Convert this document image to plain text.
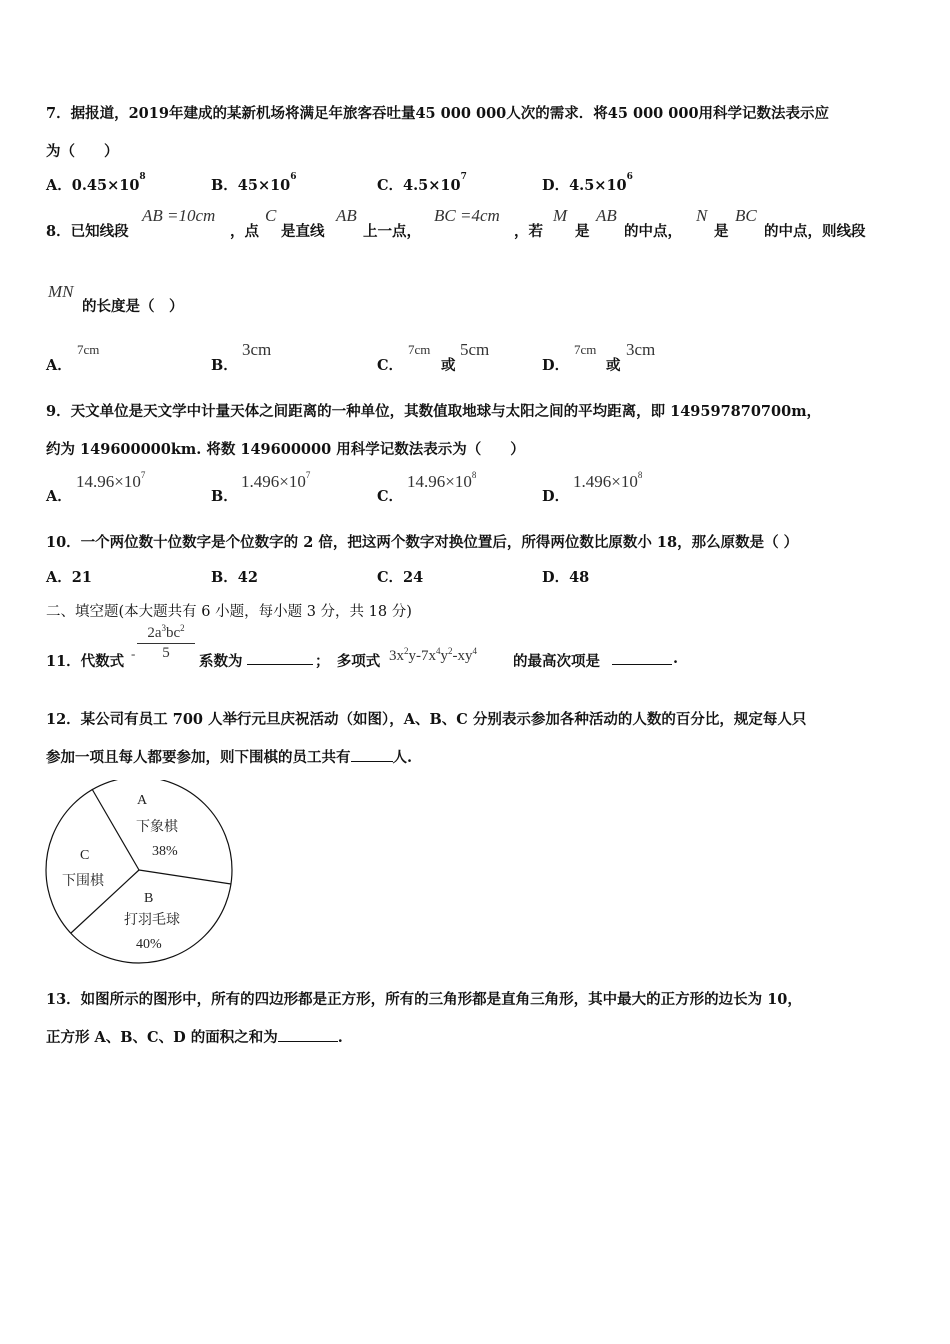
7．据报道，2019年建成的某新机场将满足年旅客吞吐量45 000 000人次的需求．将45 000 000用科学记数法表示应
为（　　）
A．$0.45\times 10^8$	B．$45\times 10^6$	C．$4.5\times 10^7$	D．$4.5\times 10^6$
8．已知线段
AB =10cm
，点
C
是直线
AB
上一点，
BC =4cm
，若
M
是
AB
的中点，
N
是
BC
的中点，则线段
MN
的长度是（　）
A．
7cm
B．
3cm
C．
7cm
或
5cm
D．
7cm
或
3cm
9．天文单位是天文学中计量天体之间距离的一种单位，其数值取地球与太阳之间的平均距离，即 149597870700m，
约为 149600000km. 将数 149600000 用科学记数法表示为（　　）
A．
$14.96\times 10^7$
B．
$1.496\times 10^7$
C．
$14.96\times 10^8$
D．
$1.496\times 10^8$
10．一个两位数十位数字是个位数字的 2 倍，把这两个数字对换位置后，所得两位数比原数小 18，那么原数是（ ）
A．21	B．42	C．24	D．48
二、填空题(本大题共有 6 小题，每小题 3 分，共 18 分)
11．代数式 - $\frac{2a^3bc^2}{5}$ 系数为	；　多项式 $3x^2y-7x^4y^2-xy^4$
的最高次项是	.
12．某公司有员工 700 人举行元旦庆祝活动（如图），A、B、C 分别表示参加各种活动的人数的百分比，规定每人只
参加一项且每人都要参加，则下围棋的员工共有	人.
A
下象棋
38%
C
下围棋
B
打羽毛球
40%
13．如图所示的图形中，所有的四边形都是正方形，所有的三角形都是直角三角形，其中最大的正方形的边长为 10，
正方形 A、B、C、D 的面积之和为	.
